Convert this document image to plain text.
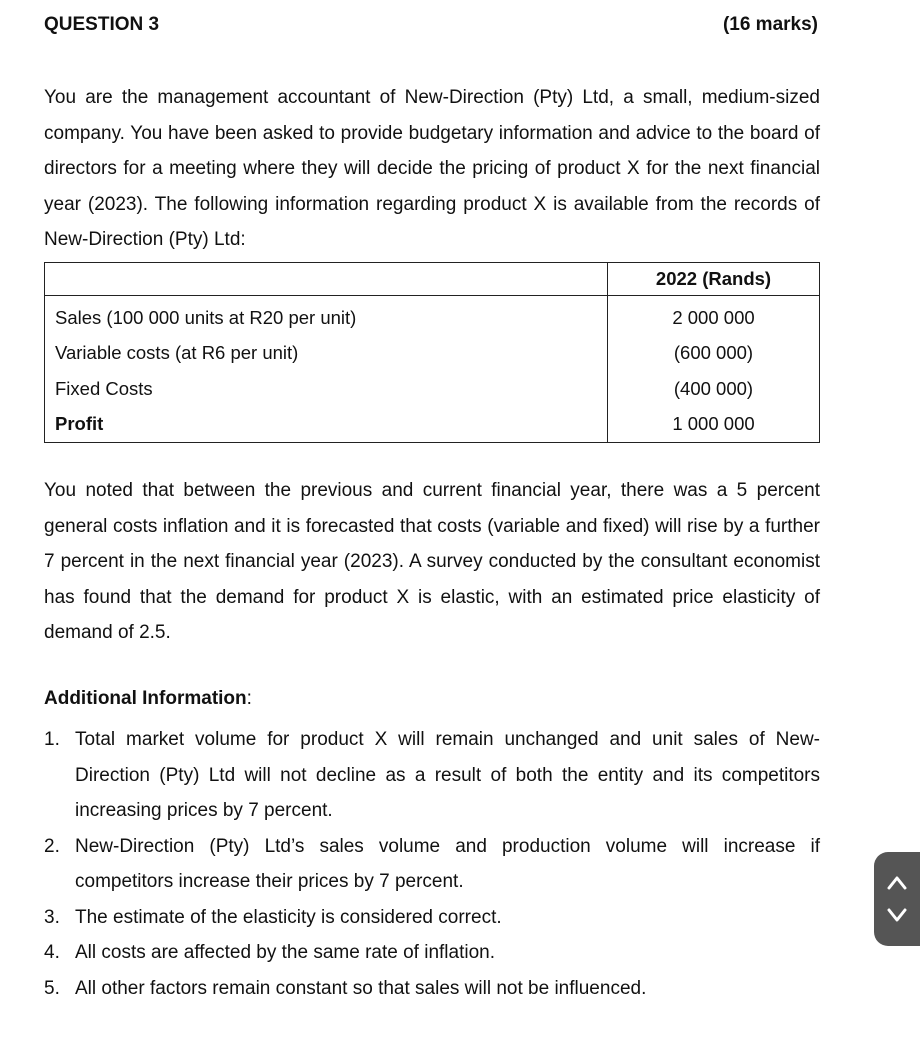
QUESTION 3	(16 marks)

You are the management accountant of New-Direction (Pty) Ltd, a small, medium-sized company. You have been asked to provide budgetary information and advice to the board of directors for a meeting where they will decide the pricing of product X for the next financial year (2023). The following information regarding product X is available from the records of New-Direction (Pty) Ltd:

	2022 (Rands)
Sales (100 000 units at R20 per unit)	2 000 000
Variable costs (at R6 per unit)	(600 000)
Fixed Costs	(400 000)
Profit	1 000 000

You noted that between the previous and current financial year, there was a 5 percent general costs inflation and it is forecasted that costs (variable and fixed) will rise by a further 7 percent in the next financial year (2023). A survey conducted by the consultant economist has found that the demand for product X is elastic, with an estimated price elasticity of demand of 2.5.

Additional Information:
1. Total market volume for product X will remain unchanged and unit sales of New-Direction (Pty) Ltd will not decline as a result of both the entity and its competitors increasing prices by 7 percent.
2. New-Direction (Pty) Ltd’s sales volume and production volume will increase if competitors increase their prices by 7 percent.
3. The estimate of the elasticity is considered correct.
4. All costs are affected by the same rate of inflation.
5. All other factors remain constant so that sales will not be influenced.
